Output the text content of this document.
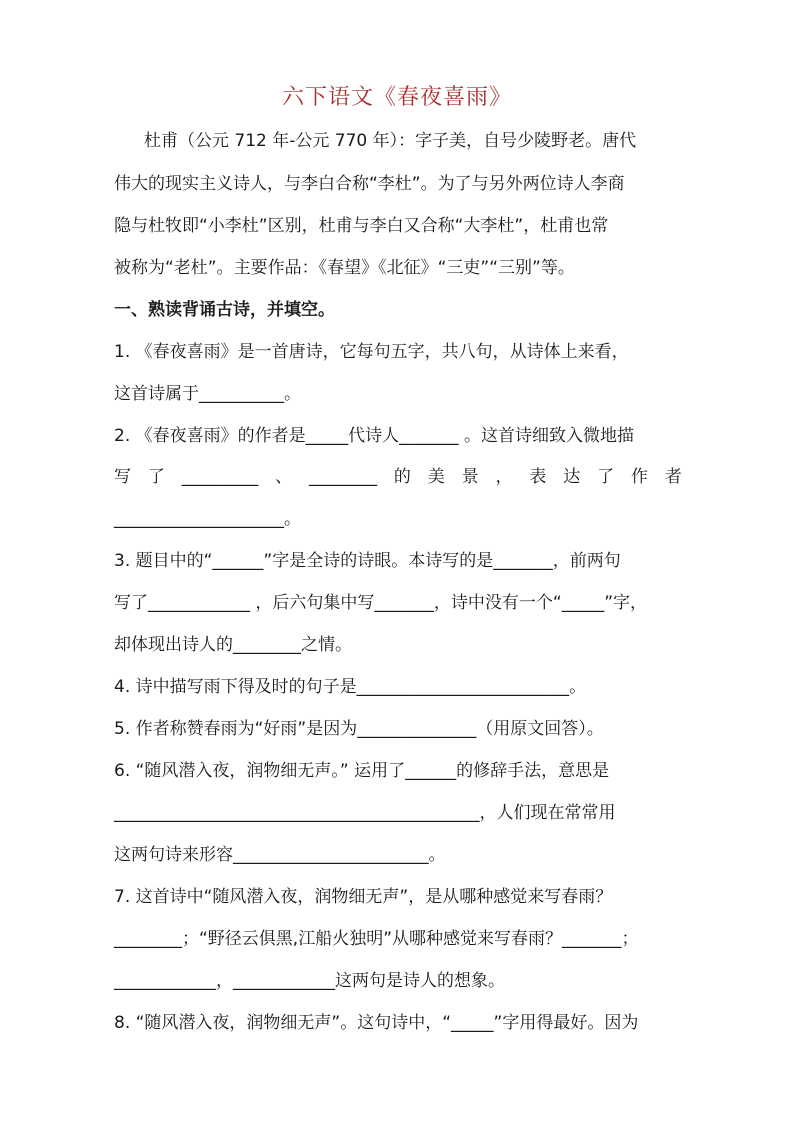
六下语文《春夜喜雨》
杜甫（公元 712 年-公元 770 年）：字子美，自号少陵野老。唐代
伟大的现实主义诗人，与李白合称“李杜”。为了与另外两位诗人李商
隐与杜牧即“小李杜”区别，杜甫与李白又合称“大李杜”，杜甫也常
被称为“老杜”。主要作品：《春望》《北征》“三吏”“三别”等。
一、熟读背诵古诗，并填空。
1. 《春夜喜雨》是一首唐诗，它每句五字，共八句，从诗体上来看，
这首诗属于__________。
2. 《春夜喜雨》的作者是_____代诗人_______ 。这首诗细致入微地描
写 了 _________ 、 ________ 的 美 景 ， 表 达 了 作 者
____________________。
3. 题目中的“______”字是全诗的诗眼。本诗写的是_______，前两句
写了____________ ，后六句集中写_______，诗中没有一个“_____”字，
却体现出诗人的________之情。
4. 诗中描写雨下得及时的句子是_________________________。
5. 作者称赞春雨为“好雨”是因为______________（用原文回答）。
6. “随风潜入夜，润物细无声。” 运用了______的修辞手法，意思是
___________________________________________，人们现在常常用
这两句诗来形容_______________________。
7. 这首诗中“随风潜入夜，润物细无声”，是从哪种感觉来写春雨？
________；“野径云俱黑,江船火独明”从哪种感觉来写春雨？_______；
____________，____________这两句是诗人的想象。
8. “随风潜入夜，润物细无声”。这句诗中，“_____”字用得最好。因为
